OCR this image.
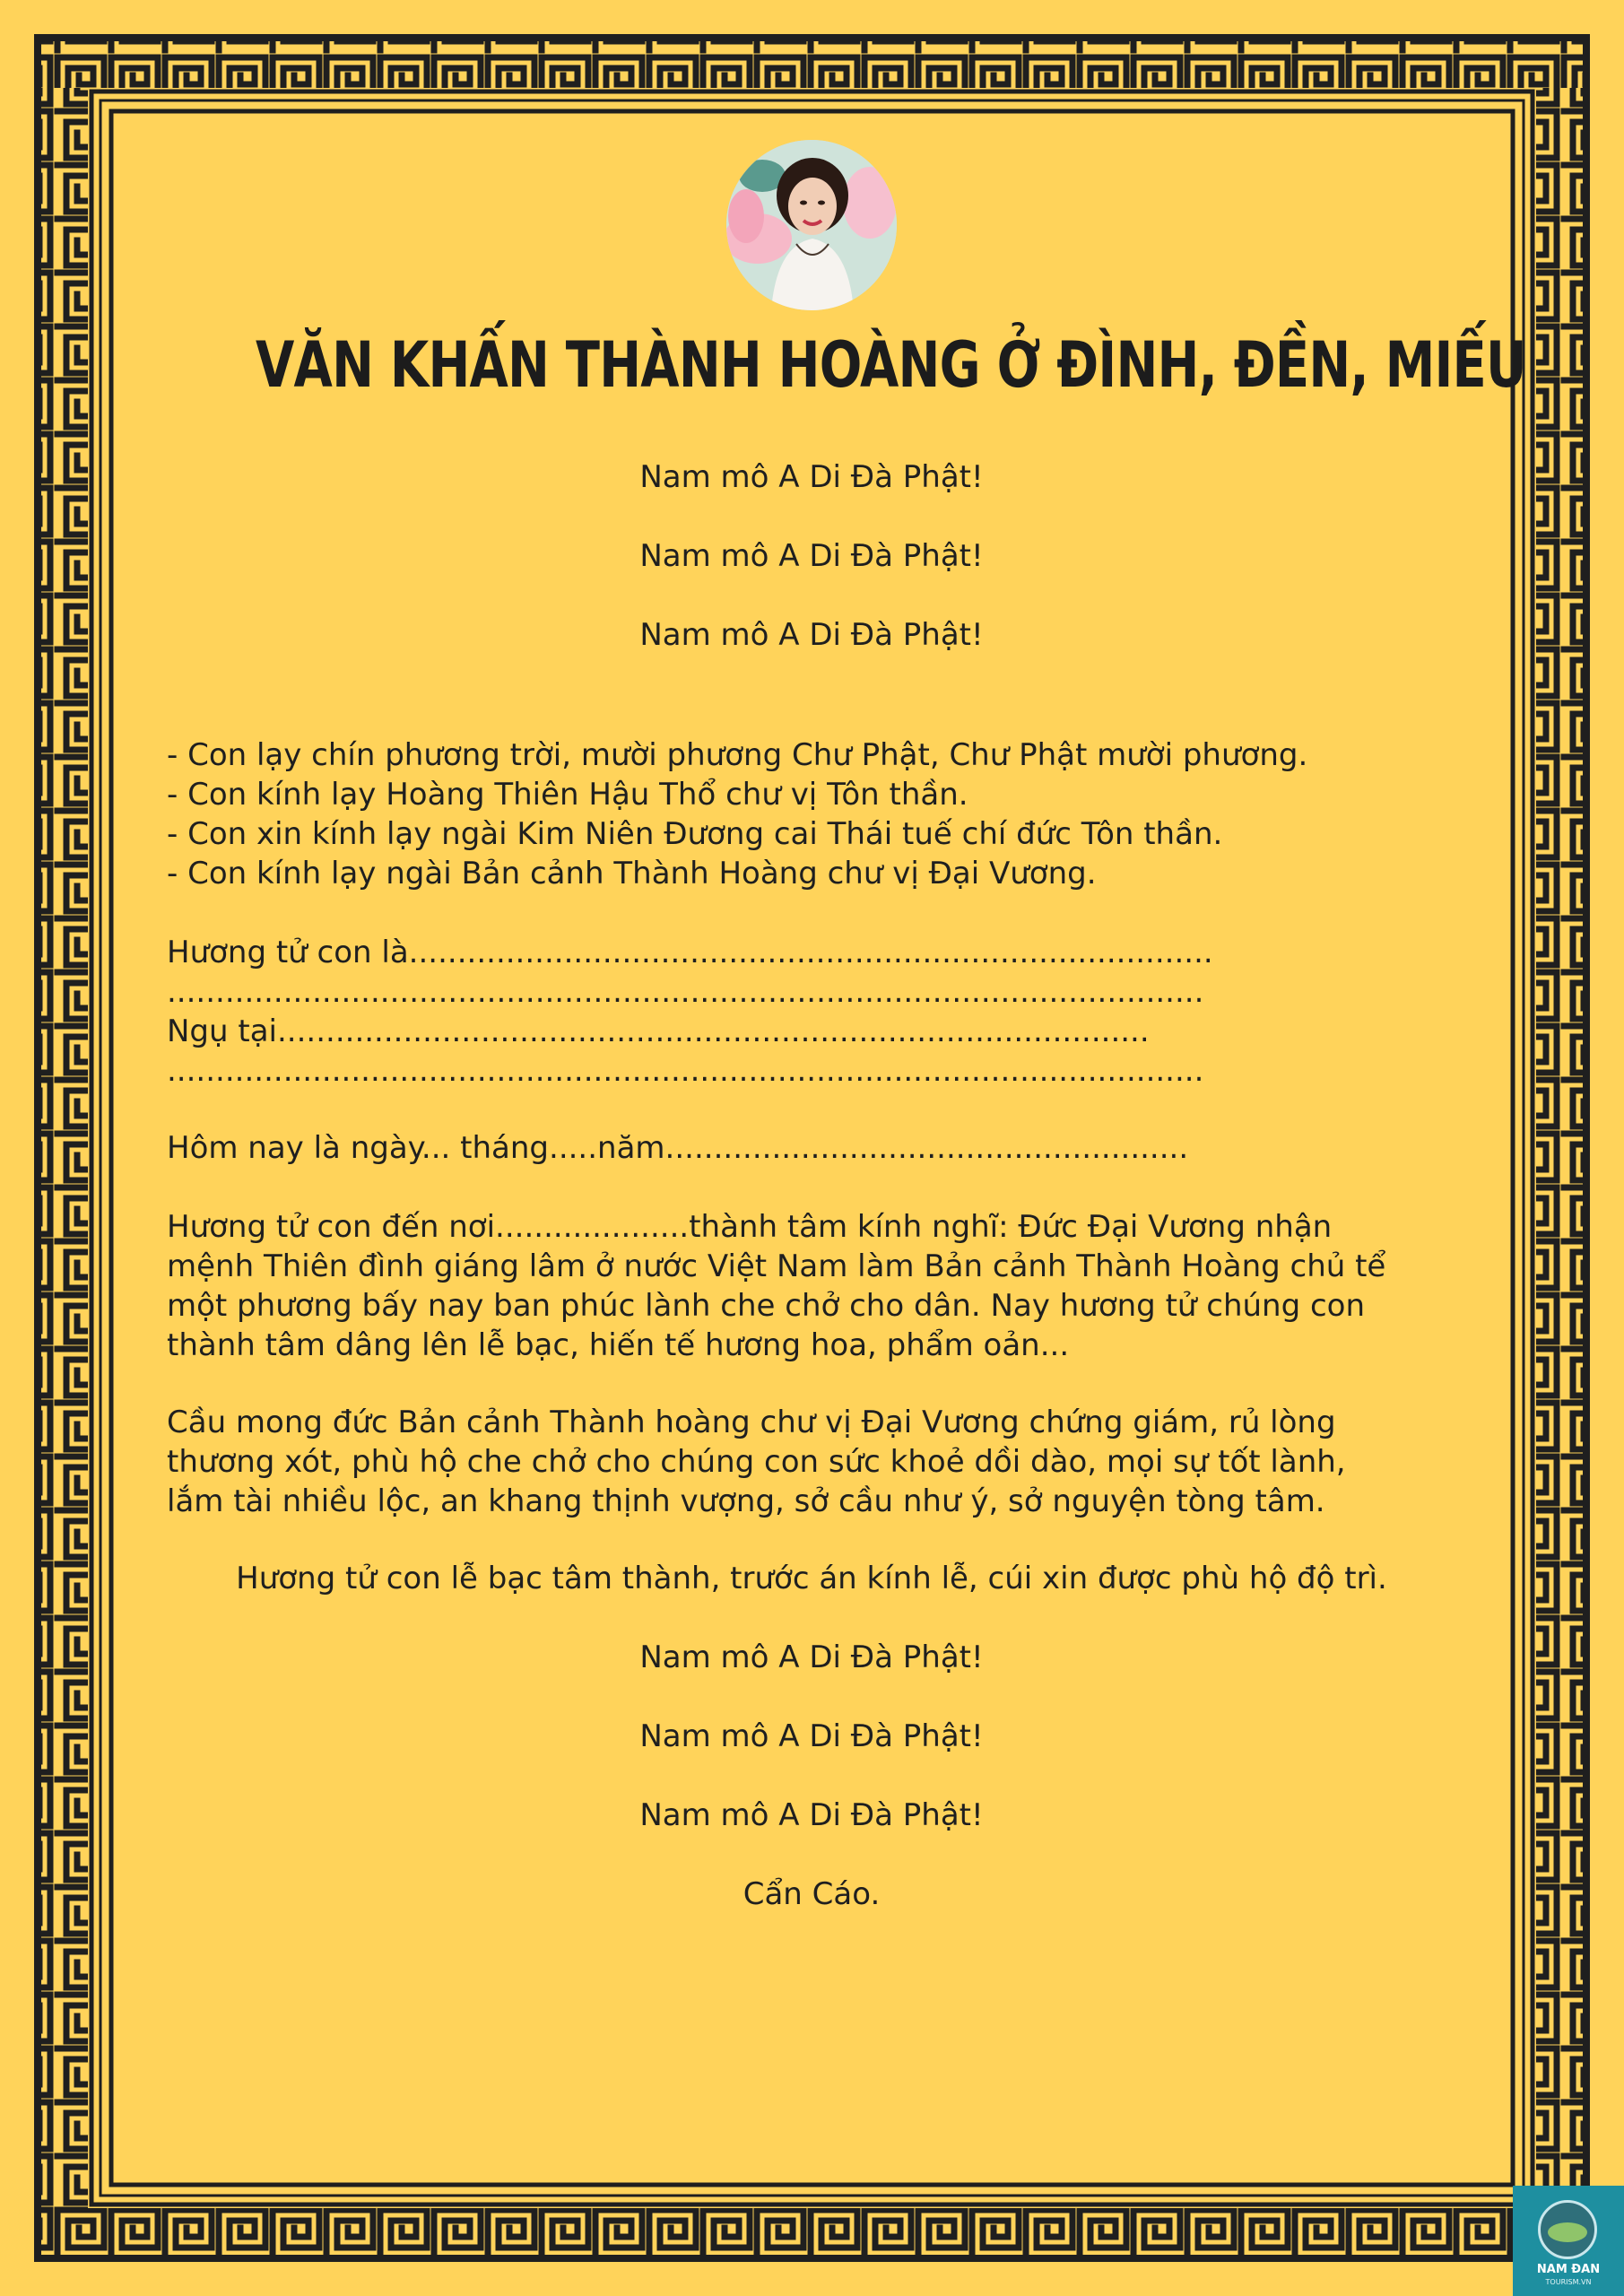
VĂN KHẤN THÀNH HOÀNG Ở ĐÌNH, ĐỀN, MIẾU
Nam mô A Di Đà Phật!
Nam mô A Di Đà Phật!
Nam mô A Di Đà Phật!
- Con lạy chín phương trời, mười phương Chư Phật, Chư Phật mười phương.
- Con kính lạy Hoàng Thiên Hậu Thổ chư vị Tôn thần.
- Con xin kính lạy ngài Kim Niên Đương cai Thái tuế chí đức Tôn thần.
- Con kính lạy ngài Bản cảnh Thành Hoàng chư vị Đại Vương.
Hương tử con là...................................................................................
...........................................................................................................
Ngụ tại..........................................................................................
...........................................................................................................
Hôm nay là ngày... tháng.....năm......................................................
Hương tử con đến nơi....................thành tâm kính nghĩ: Đức Đại Vương nhận
mệnh Thiên đình giáng lâm ở nước Việt Nam làm Bản cảnh Thành Hoàng chủ tể
một phương bấy nay ban phúc lành che chở cho dân. Nay hương tử chúng con
thành tâm dâng lên lễ bạc, hiến tế hương hoa, phẩm oản...
Cầu mong đức Bản cảnh Thành hoàng chư vị Đại Vương chứng giám, rủ lòng
thương xót, phù hộ che chở cho chúng con sức khoẻ dồi dào, mọi sự tốt lành,
lắm tài nhiều lộc, an khang thịnh vượng, sở cầu như ý, sở nguyện tòng tâm.
Hương tử con lễ bạc tâm thành, trước án kính lễ, cúi xin được phù hộ độ trì.
Nam mô A Di Đà Phật!
Nam mô A Di Đà Phật!
Nam mô A Di Đà Phật!
Cẩn Cáo.
NAM ĐAN
TOURISM.VN
